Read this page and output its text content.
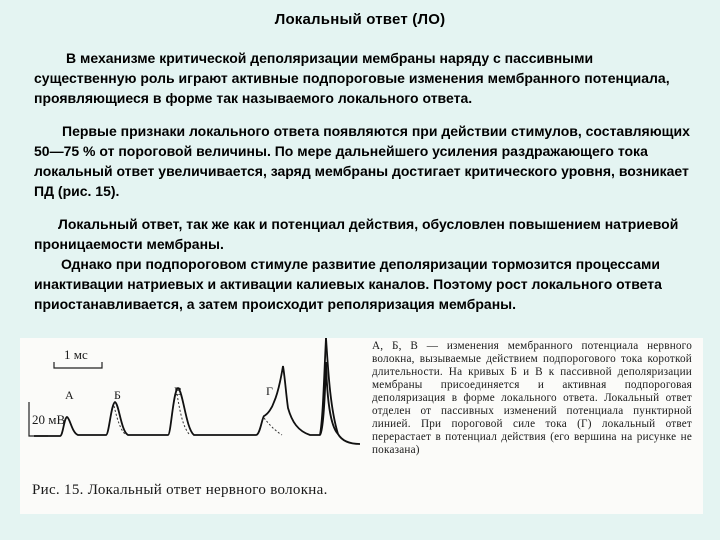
Локальный ответ (ЛО)

В механизме критической деполяризации мембраны наряду с пассивными существенную роль играют активные подпороговые изменения мембранного потенциала, проявляющиеся в форме так называемого локального ответа.

Первые признаки локального ответа появляются при действии стимулов, составляющих 50—75 % от пороговой величины. По мере дальнейшего усиления раздражающего тока локальный ответ увеличивается, заряд мембраны достигает критического уровня, возникает ПД (рис. 15).

Локальный ответ, так же как и потенциал действия, обусловлен повышением натриевой проницаемости мембраны.

Однако при подпороговом стимуле развитие деполяризации тормозится процессами инактивации натриевых и активации калиевых каналов. Поэтому рост локального ответа приостанавливается, а затем происходит реполяризация мембраны.

1 мс
20 мВ
А	Б	В	Г
А, Б, В — изменения мембранного потенциала нервного волокна, вызываемые действием подпорогового тока короткой длительности. На кривых Б и В к пассивной деполяризации мембраны присоединяется и активная подпороговая деполяризация в форме локального ответа. Локальный ответ отделен от пассивных изменений потенциала пунктирной линией. При пороговой силе тока (Г) локальный ответ перерастает в потенциал действия (его вершина на рисунке не показана)
Рис. 15. Локальный ответ нервного волокна.
